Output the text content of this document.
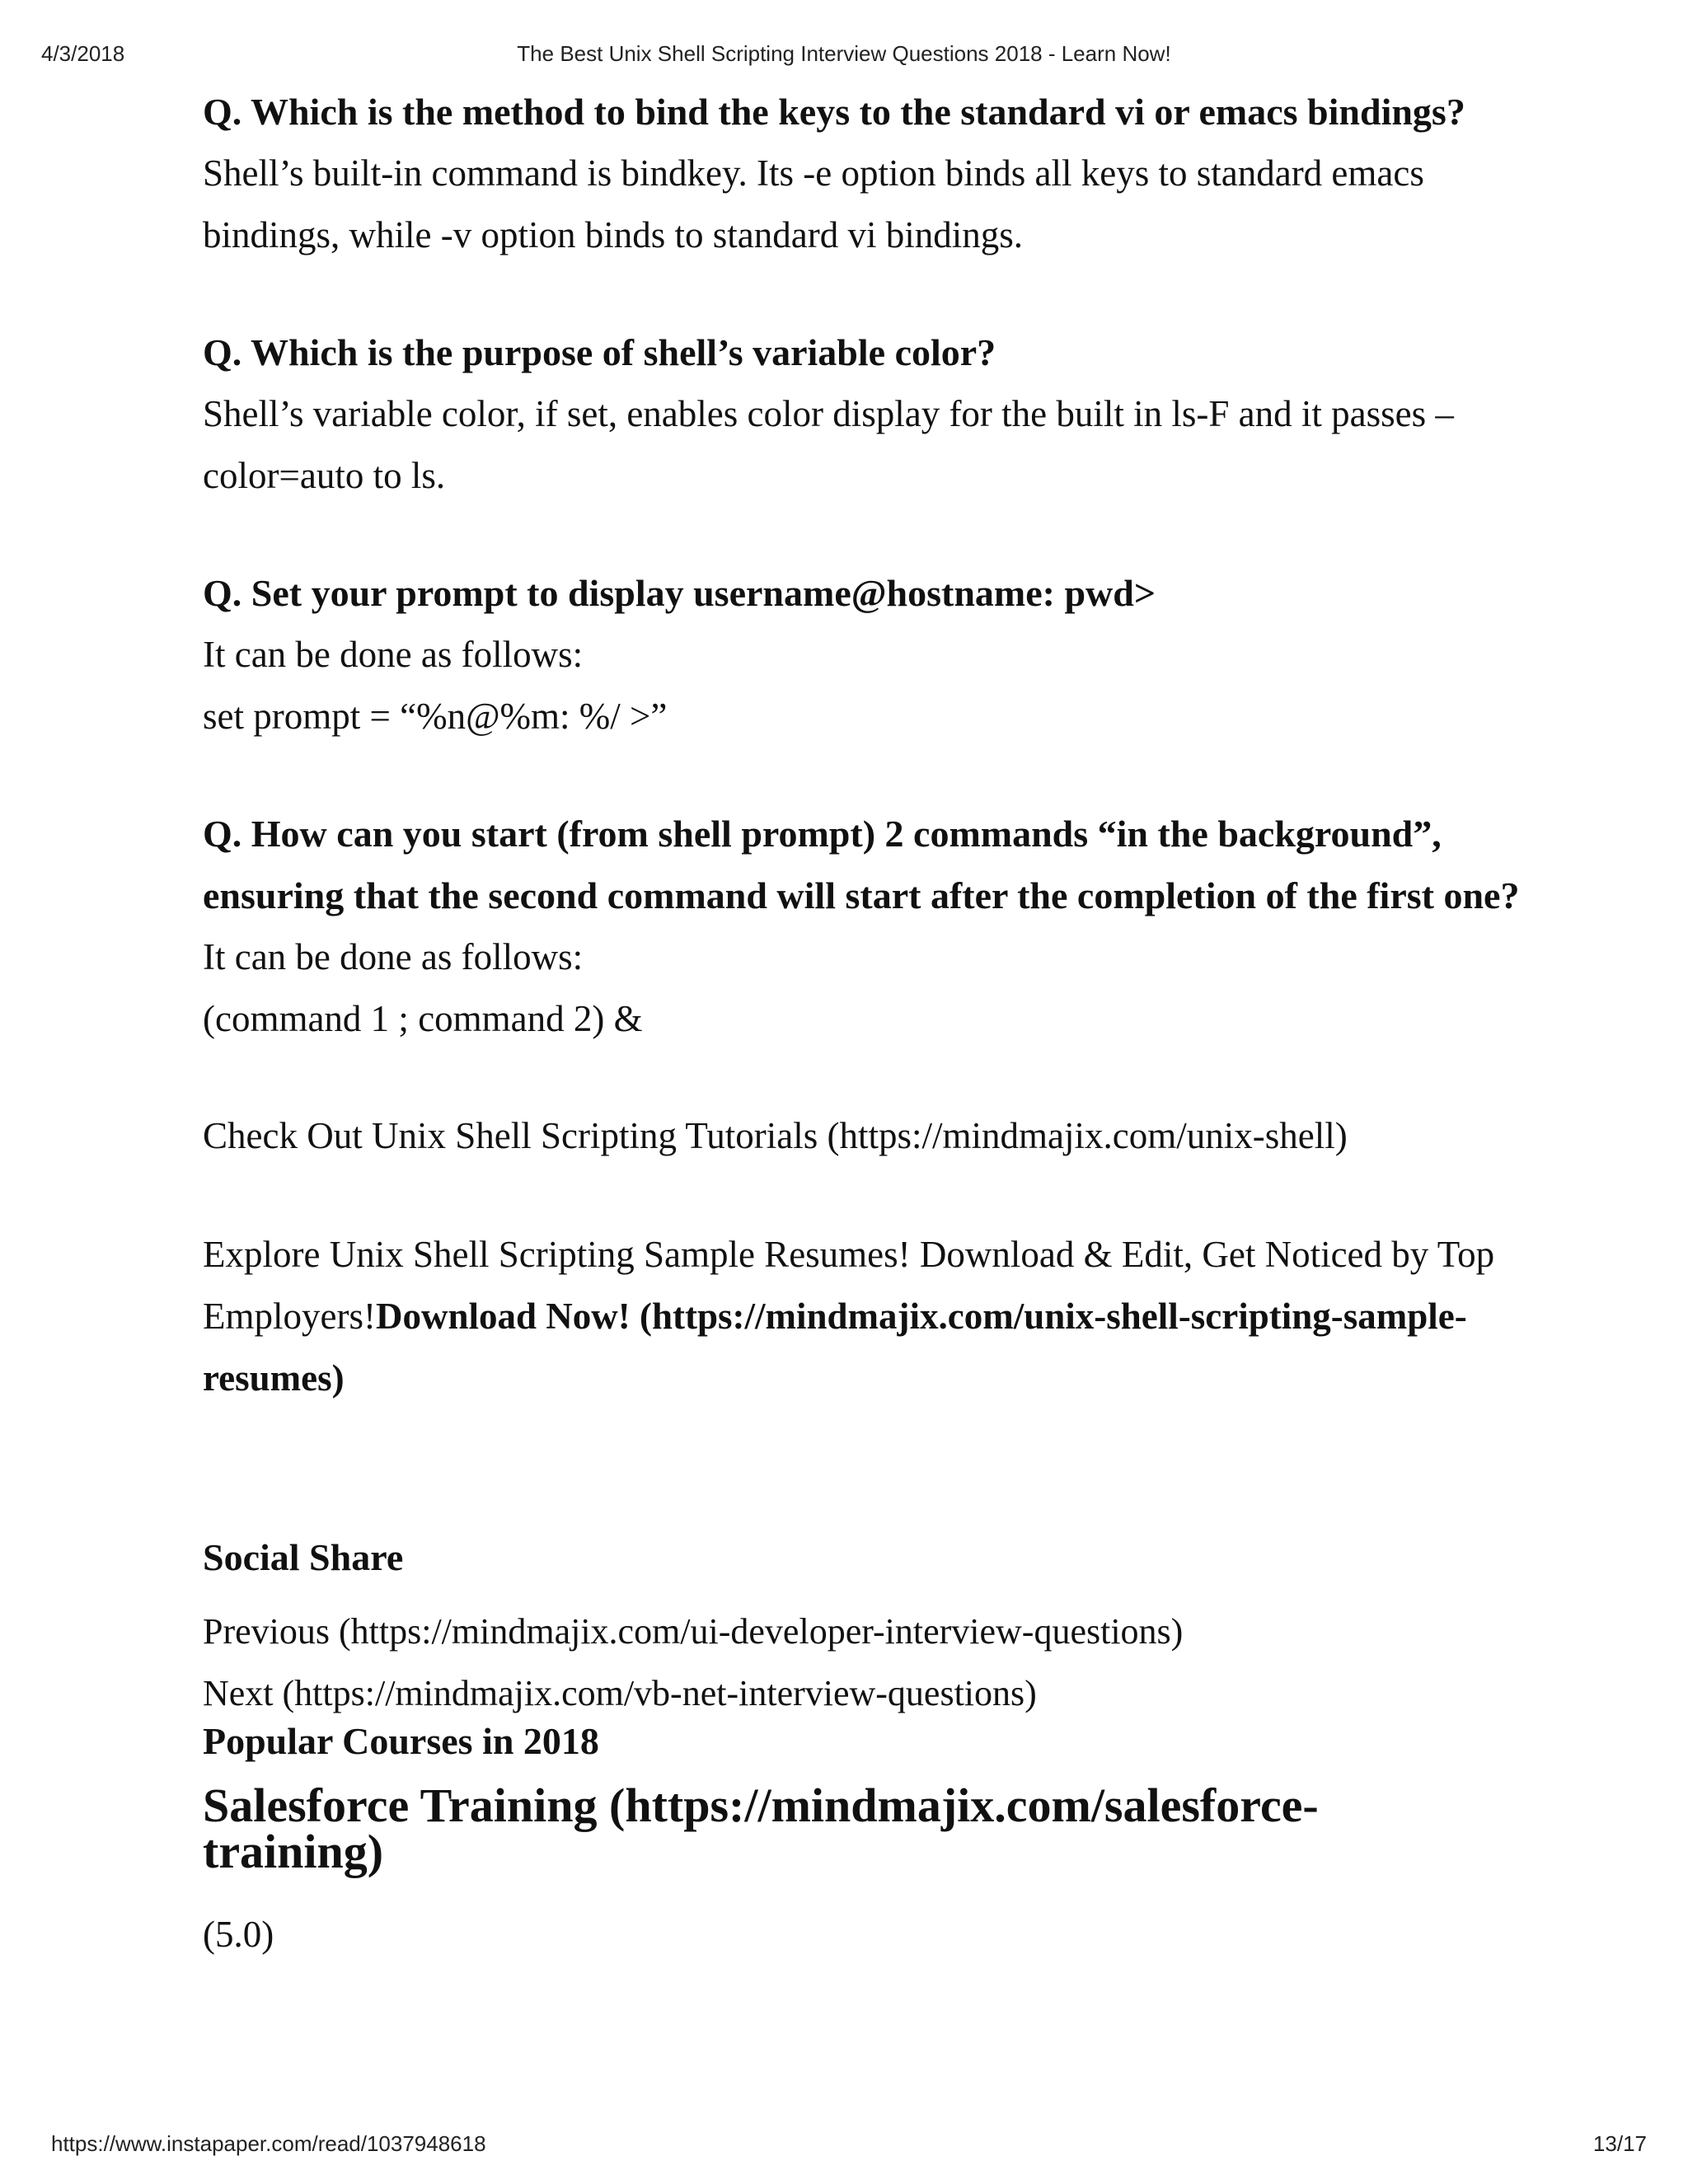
4/3/2018	The Best Unix Shell Scripting Interview Questions 2018 - Learn Now!

Q. Which is the method to bind the keys to the standard vi or emacs bindings?

Shell’s built-in command is bindkey. Its -e option binds all keys to standard emacs bindings, while -v option binds to standard vi bindings.

Q. Which is the purpose of shell’s variable color?

Shell’s variable color, if set, enables color display for the built in ls-F and it passes –color=auto to ls.

Q. Set your prompt to display username@hostname: pwd>

It can be done as follows:

set prompt = “%n@%m: %/ >”

Q. How can you start (from shell prompt) 2 commands “in the background”, ensuring that the second command will start after the completion of the first one?

It can be done as follows:

(command 1 ; command 2) &

Check Out Unix Shell Scripting Tutorials (https://mindmajix.com/unix-shell)

Explore Unix Shell Scripting Sample Resumes! Download & Edit, Get Noticed by Top Employers!Download Now! (https://mindmajix.com/unix-shell-scripting-sample-resumes)

Social Share

Previous (https://mindmajix.com/ui-developer-interview-questions)

Next (https://mindmajix.com/vb-net-interview-questions)

Popular Courses in 2018

Salesforce Training (https://mindmajix.com/salesforce-training)

(5.0)

https://www.instapaper.com/read/1037948618	13/17
